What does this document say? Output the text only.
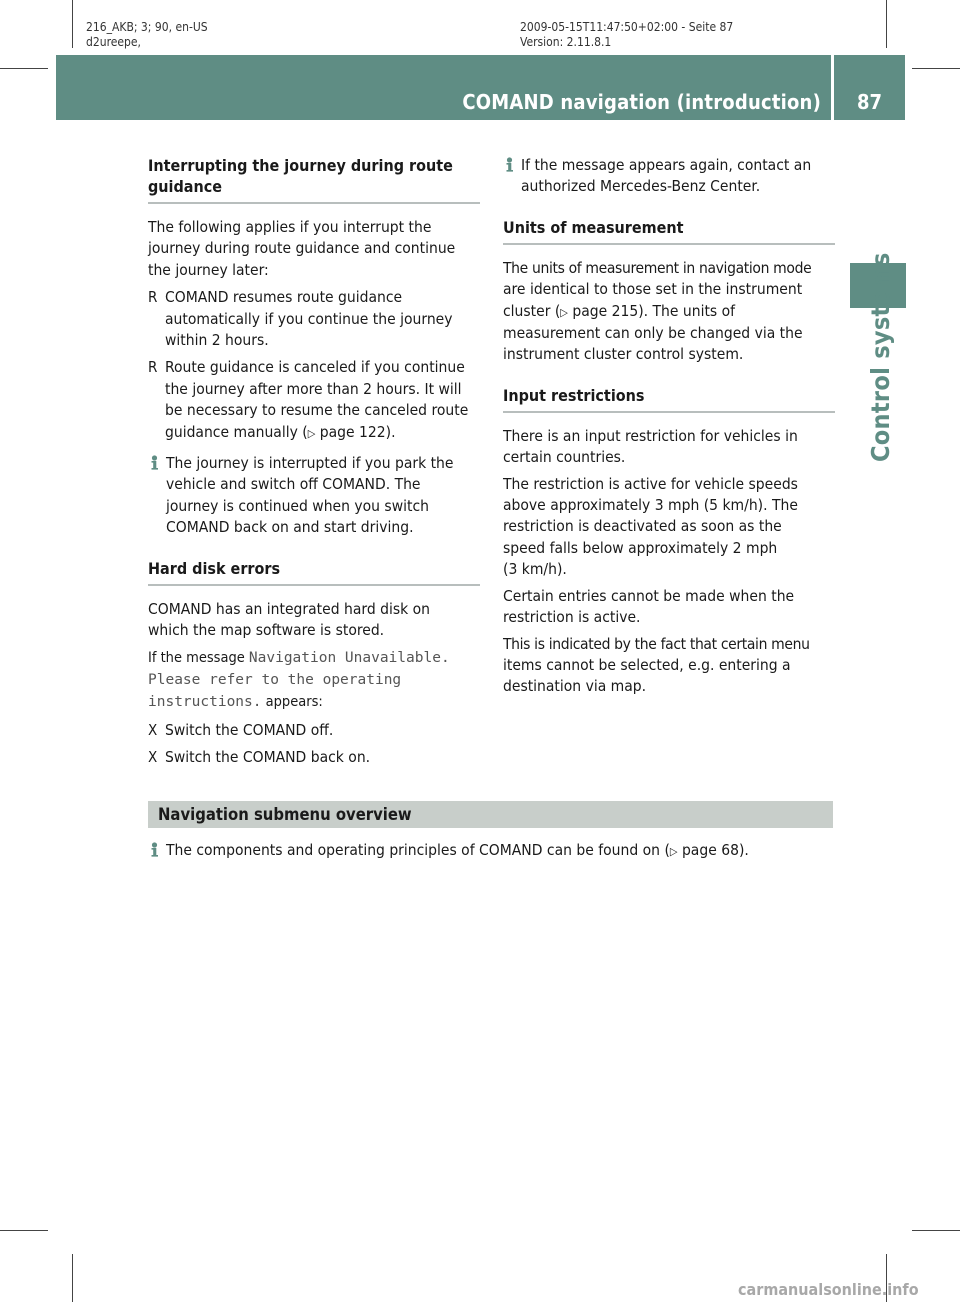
216_AKB; 3; 90, en-US
d2ureepe,
2009-05-15T11:47:50+02:00 - Seite 87
Version: 2.11.8.1
COMAND navigation (introduction)	87
Control systems
Interrupting the journey during route
guidance

The following applies if you interrupt the

journey during route guidance and continue

the journey later:

R COMAND resumes route guidance

automatically if you continue the journey

within 2 hours.

R Route guidance is canceled if you continue

the journey after more than 2 hours. It will

be necessary to resume the canceled route

guidance manually (▷ page 122).

The journey is interrupted if you park the

vehicle and switch off COMAND. The

journey is continued when you switch

COMAND back on and start driving.

Hard disk errors

COMAND has an integrated hard disk on

which the map software is stored.

If the message Navigation Unavailable.

Please refer to the operating

instructions. appears:

X Switch the COMAND off.

X Switch the COMAND back on.

If the message appears again, contact an

authorized Mercedes-Benz Center.

Units of measurement

The units of measurement in navigation mode

are identical to those set in the instrument

cluster (▷ page 215). The units of

measurement can only be changed via the

instrument cluster control system.

Input restrictions

There is an input restriction for vehicles in

certain countries.

The restriction is active for vehicle speeds

above approximately 3 mph (5 km/h). The

restriction is deactivated as soon as the

speed falls below approximately 2 mph

(3 km/h).

Certain entries cannot be made when the

restriction is active.

This is indicated by the fact that certain menu

items cannot be selected, e.g. entering a

destination via map.

Navigation submenu overview

The components and operating principles of COMAND can be found on (▷ page 68).

carmanualsonline.info
